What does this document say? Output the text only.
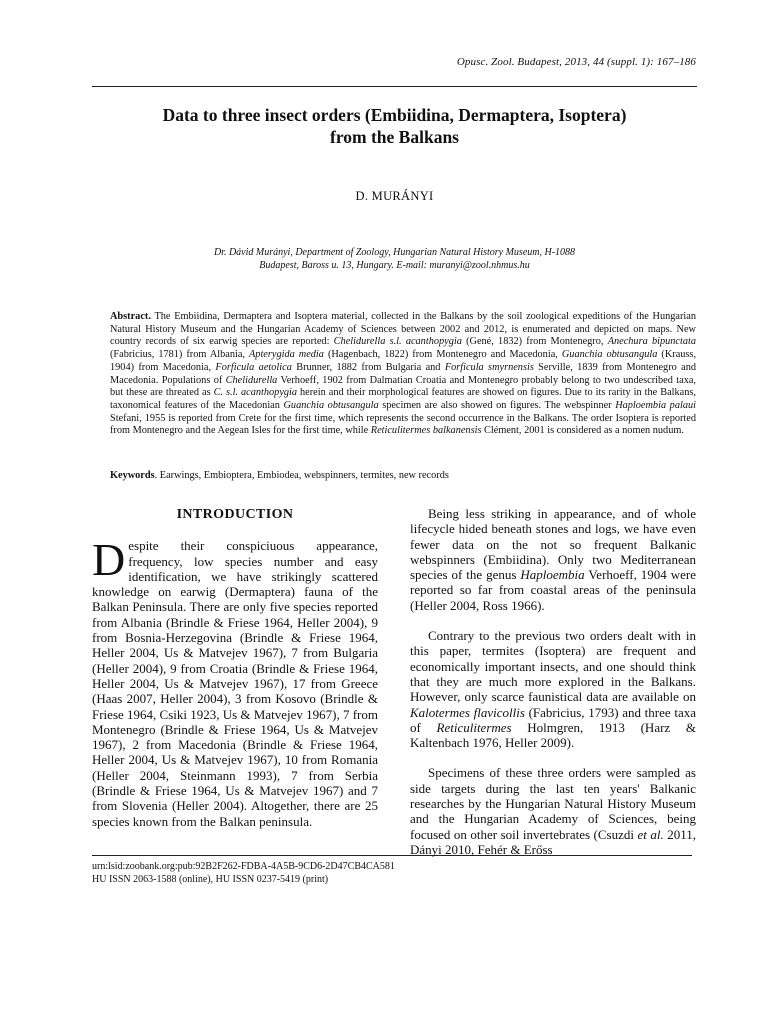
Opusc. Zool. Budapest, 2013, 44 (suppl. 1): 167–186
Data to three insect orders (Embiidina, Dermaptera, Isoptera)
from the Balkans
D. MURÁNYI
Dr. Dávid Murányi, Department of Zoology, Hungarian Natural History Museum, H-1088
Budapest, Baross u. 13, Hungary. E-mail: muranyi@zool.nhmus.hu

Abstract. The Embiidina, Dermaptera and Isoptera material, collected in the Balkans by the soil zoological expeditions of the Hungarian Natural History Museum and the Hungarian Academy of Sciences between 2002 and 2012, is enumerated and depicted on maps. New country records of six earwig species are reported: Chelidurella s.l. acanthopygia (Gené, 1832) from Montenegro, Anechura bipunctata (Fabricius, 1781) from Albania, Apterygida media (Hagenbach, 1822) from Montenegro and Macedonia, Guanchia obtusangula (Krauss, 1904) from Macedonia, Forficula aetolica Brunner, 1882 from Bulgaria and Forficula smyrnensis Serville, 1839 from Montenegro and Macedonia. Populations of Chelidurella Verhoeff, 1902 from Dalmatian Croatia and Montenegro probably belong to two undescribed taxa, but these are threated as C. s.l. acanthopygia herein and their morphological features are showed on figures. Due to its rarity in the Balkans, taxonomical features of the Macedonian Guanchia obtusangula specimen are also showed on figures. The webspinner Haploembia palaui Stefani, 1955 is reported from Crete for the first time, which represents the second occurrence in the Balkans. The order Isoptera is reported from Montenegro and the Aegean Isles for the first time, while Reticulitermes balkanensis Clément, 2001 is considered as a nomen nudum.

Keywords. Earwings, Embioptera, Embiodea, webspinners, termites, new records

INTRODUCTION

Despite their conspiciuous appearance, frequency, low species number and easy identification, we have strikingly scattered knowledge on earwig (Dermaptera) fauna of the Balkan Peninsula. There are only five species reported from Albania (Brindle & Friese 1964, Heller 2004), 9 from Bosnia-Herzegovina (Brindle & Friese 1964, Heller 2004, Us & Matvejev 1967), 7 from Bulgaria (Heller 2004), 9 from Croatia (Brindle & Friese 1964, Heller 2004, Us & Matvejev 1967), 17 from Greece (Haas 2007, Heller 2004), 3 from Kosovo (Brindle & Friese 1964, Csiki 1923, Us & Matvejev 1967), 7 from Montenegro (Brindle & Friese 1964, Us & Matvejev 1967), 2 from Macedonia (Brindle & Friese 1964, Heller 2004, Us & Matvejev 1967), 10 from Romania (Heller 2004, Steinmann 1993), 7 from Serbia (Brindle & Friese 1964, Us & Matvejev 1967) and 7 from Slovenia (Heller 2004). Altogether, there are 25 species known from the Balkan peninsula.

Being less striking in appearance, and of whole lifecycle hided beneath stones and logs, we have even fewer data on the not so frequent Balkanic webspinners (Embiidina). Only two Mediterranean species of the genus Haploembia Verhoeff, 1904 were reported so far from coastal areas of the peninsula (Heller 2004, Ross 1966).

Contrary to the previous two orders dealt with in this paper, termites (Isoptera) are frequent and economically important insects, and one should think that they are much more explored in the Balkans. However, only scarce faunistical data are available on Kalotermes flavicollis (Fabricius, 1793) and three taxa of Reticulitermes Holmgren, 1913 (Harz & Kaltenbach 1976, Heller 2009).

Specimens of these three orders were sampled as side targets during the last ten years' Balkanic researches by the Hungarian Natural History Museum and the Hungarian Academy of Sciences, being focused on other soil invertebrates (Csuzdi et al. 2011, Dányi 2010, Fehér & Erőss

urn:lsid:zoobank.org:pub:92B2F262-FDBA-4A5B-9CD6-2D47CB4CA581
HU ISSN 2063-1588 (online), HU ISSN 0237-5419 (print)
